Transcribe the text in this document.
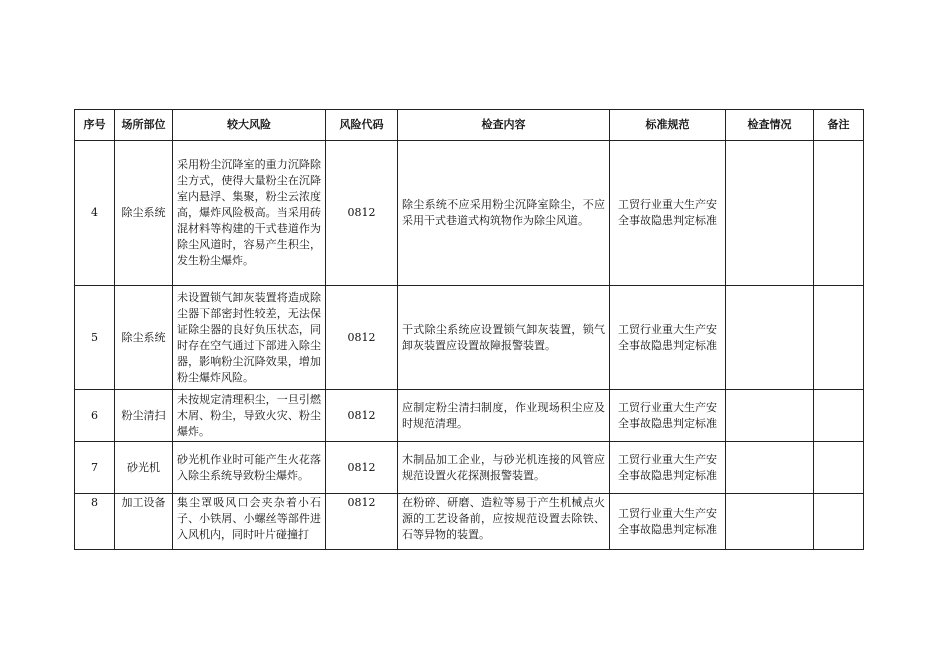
序号	场所部位	较大风险	风险代码	检查内容	标准规范	检查情况	备注
4	除尘系统	采用粉尘沉降室的重力沉降除尘方式，使得大量粉尘在沉降室内悬浮、集聚，粉尘云浓度高，爆炸风险极高。当采用砖混材料等构建的干式巷道作为除尘风道时，容易产生积尘，发生粉尘爆炸。	0812	除尘系统不应采用粉尘沉降室除尘，不应采用干式巷道式构筑物作为除尘风道。	工贸行业重大生产安全事故隐患判定标准		
5	除尘系统	未设置锁气卸灰装置将造成除尘器下部密封性较差，无法保证除尘器的良好负压状态，同时存在空气通过下部进入除尘器，影响粉尘沉降效果，增加粉尘爆炸风险。	0812	干式除尘系统应设置锁气卸灰装置，锁气卸灰装置应设置故障报警装置。	工贸行业重大生产安全事故隐患判定标准		
6	粉尘清扫	未按规定清理积尘，一旦引燃木屑、粉尘，导致火灾、粉尘爆炸。	0812	应制定粉尘清扫制度，作业现场积尘应及时规范清理。	工贸行业重大生产安全事故隐患判定标准		
7	砂光机	砂光机作业时可能产生火花落入除尘系统导致粉尘爆炸。	0812	木制品加工企业，与砂光机连接的风管应规范设置火花探测报警装置。	工贸行业重大生产安全事故隐患判定标准		
8	加工设备	集尘罩吸风口会夹杂着小石子、小铁屑、小螺丝等部件进入风机内，同时叶片碰撞打	0812	在粉碎、研磨、造粒等易于产生机械点火源的工艺设备前，应按规范设置去除铁、石等异物的装置。	工贸行业重大生产安全事故隐患判定标准		
